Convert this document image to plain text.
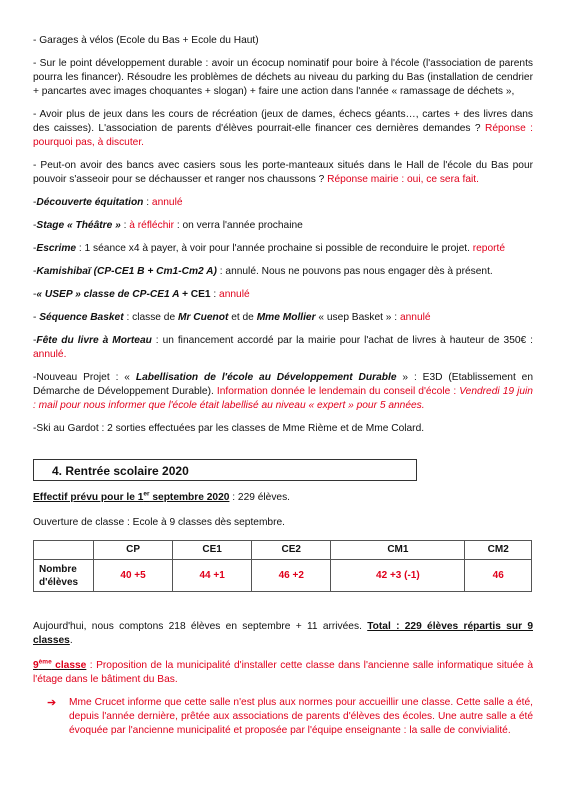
- Garages à vélos (Ecole du Bas + Ecole du Haut)

- Sur le point développement durable : avoir un écocup nominatif pour boire à l'école (l'association de parents pourra les financer). Résoudre les problèmes de déchets au niveau du parking du Bas (installation de cendrier + pancartes avec images choquantes + slogan) + faire une action dans l'année « ramassage de déchets »,

- Avoir plus de jeux dans les cours de récréation (jeux de dames, échecs géants…, cartes + des livres dans des caisses). L'association de parents d'élèves pourrait-elle financer ces dernières demandes ? Réponse : pourquoi pas, à discuter.

- Peut-on avoir des bancs avec casiers sous les porte-manteaux situés dans le Hall de l'école du Bas pour pouvoir s'asseoir pour se déchausser et ranger nos chaussons ? Réponse mairie : oui, ce sera fait.

-Découverte équitation : annulé

-Stage « Théâtre » : à réfléchir : on verra l'année prochaine

-Escrime : 1 séance x4 à payer, à voir pour l'année prochaine si possible de reconduire le projet. reporté

-Kamishibaï (CP-CE1 B + Cm1-Cm2 A) : annulé. Nous ne pouvons pas nous engager dès à présent.

-« USEP » classe de CP-CE1 A + CE1 : annulé

- Séquence Basket : classe de Mr Cuenot et de Mme Mollier « usep Basket » : annulé

-Fête du livre à Morteau : un financement accordé par la mairie pour l'achat de livres à hauteur de 350€ : annulé.

-Nouveau Projet : « Labellisation de l'école au Développement Durable » : E3D (Etablissement en Démarche de Développement Durable). Information donnée le lendemain du conseil d'école : Vendredi 19 juin : mail pour nous informer que l'école était labellisé au niveau « expert » pour 5 années.

-Ski au Gardot : 2 sorties effectuées par les classes de Mme Rième et de Mme Colard.

4. Rentrée scolaire 2020

Effectif prévu pour le 1er septembre 2020 : 229 élèves.

Ouverture de classe : Ecole à 9 classes dès septembre.

	CP	CE1	CE2	CM1	CM2
Nombre d'élèves	40 +5	44 +1	46 +2	42 +3 (-1)	46

Aujourd'hui, nous comptons 218 élèves en septembre + 11 arrivées. Total : 229 élèves répartis sur 9 classes.

9ème classe : Proposition de la municipalité d'installer cette classe dans l'ancienne salle informatique située à l'étage dans le bâtiment du Bas.

➔	Mme Crucet informe que cette salle n'est plus aux normes pour accueillir une classe. Cette salle a été, depuis l'année dernière, prêtée aux associations de parents d'élèves des écoles. Une autre salle a été évoquée par l'ancienne municipalité et proposée par l'équipe enseignante : la salle de convivialité.
